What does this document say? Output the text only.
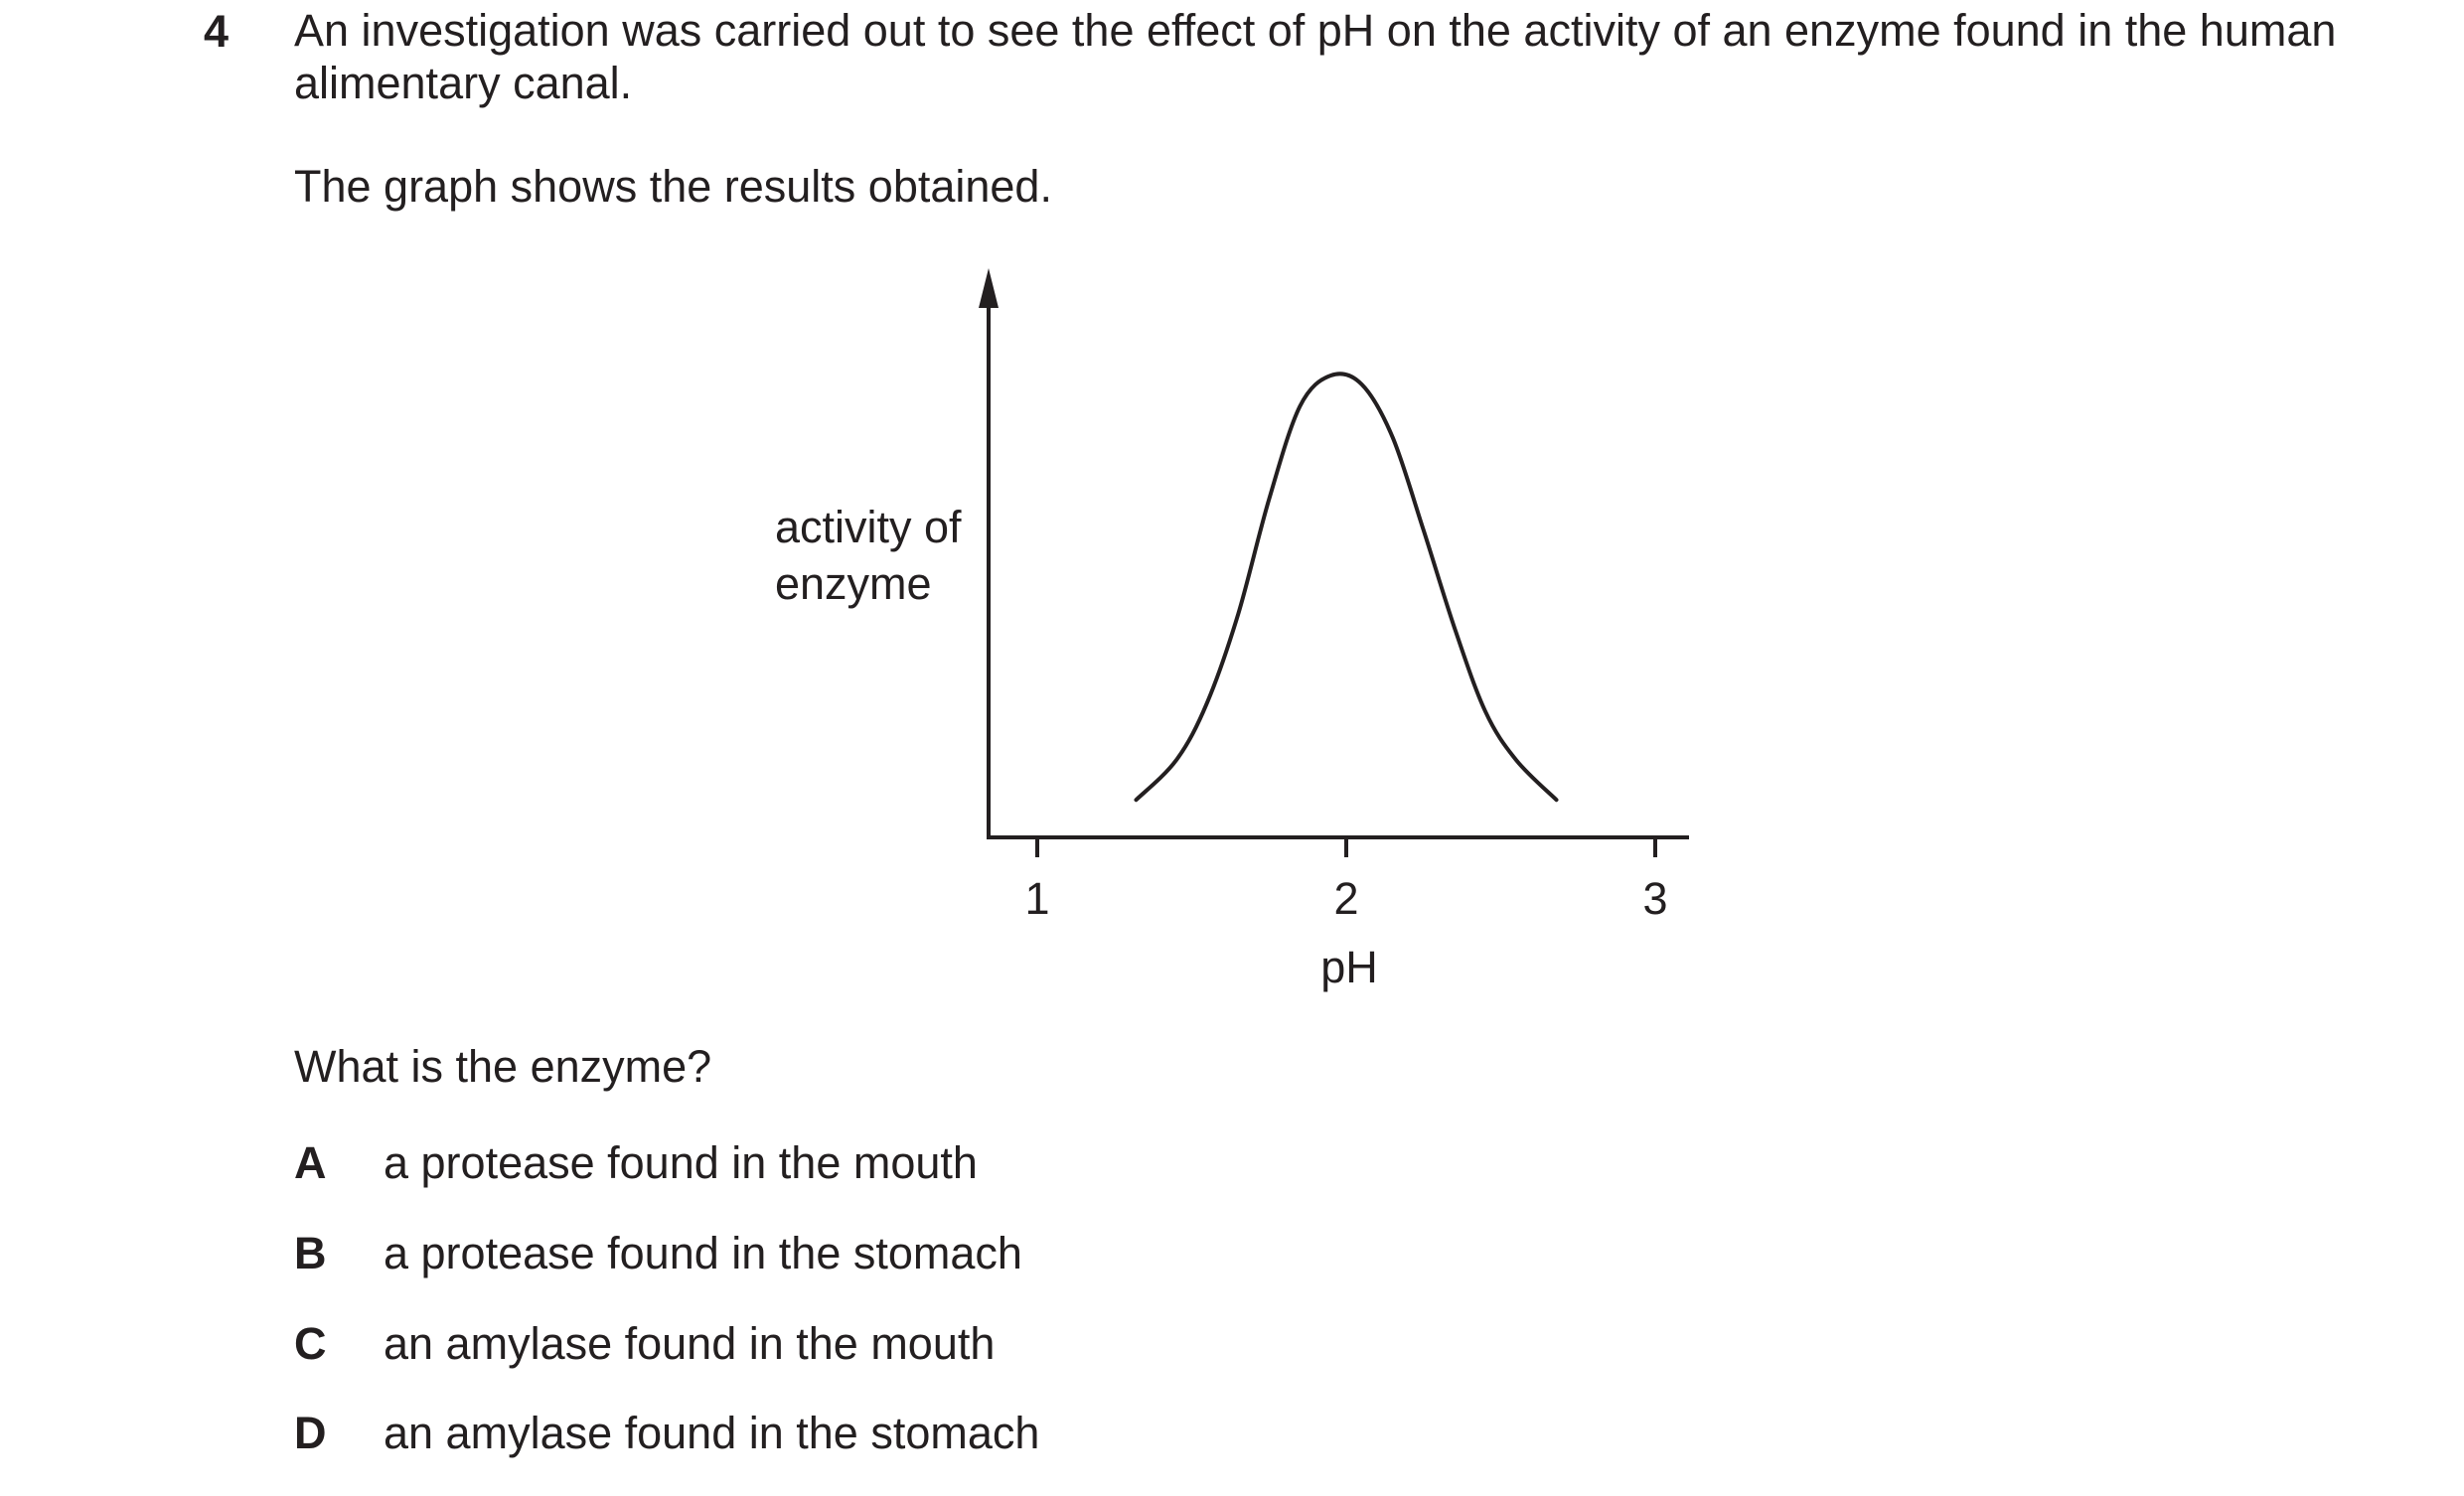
4 An investigation was carried out to see the effect of pH on the activity of an enzyme found in the human alimentary canal.

The graph shows the results obtained.

1	2	3
pH
activity of
enzyme

What is the enzyme?

A a protease found in the mouth
B a protease found in the stomach
C an amylase found in the mouth
D an amylase found in the stomach
